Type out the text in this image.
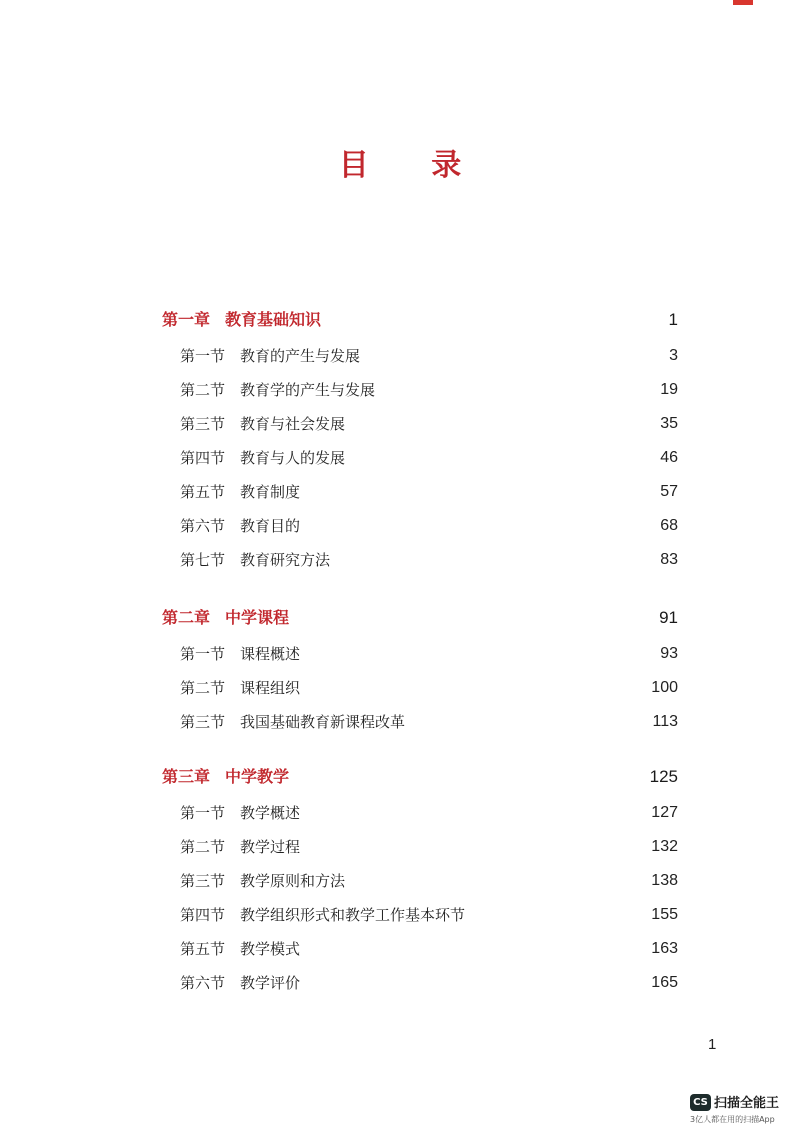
目 录
第一章 教育基础知识	1
第一节 教育的产生与发展	3
第二节 教育学的产生与发展	19
第三节 教育与社会发展	35
第四节 教育与人的发展	46
第五节 教育制度	57
第六节 教育目的	68
第七节 教育研究方法	83
第二章 中学课程	91
第一节 课程概述	93
第二节 课程组织	100
第三节 我国基础教育新课程改革	113
第三章 中学教学	125
第一节 教学概述	127
第二节 教学过程	132
第三节 教学原则和方法	138
第四节 教学组织形式和教学工作基本环节	155
第五节 教学模式	163
第六节 教学评价	165
1
CS 扫描全能王
3亿人都在用的扫描App
